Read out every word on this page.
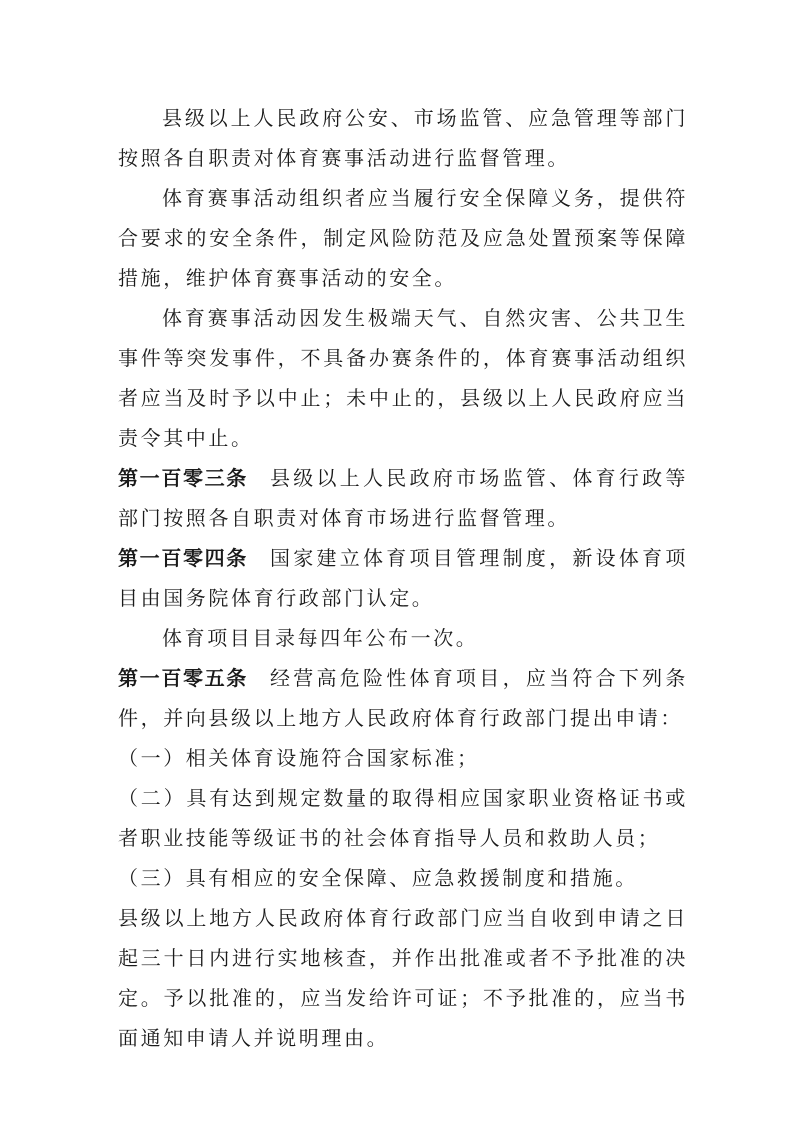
县级以上人民政府公安、市场监管、应急管理等部门按照各自职责对体育赛事活动进行监督管理。

体育赛事活动组织者应当履行安全保障义务，提供符合要求的安全条件，制定风险防范及应急处置预案等保障措施，维护体育赛事活动的安全。

体育赛事活动因发生极端天气、自然灾害、公共卫生事件等突发事件，不具备办赛条件的，体育赛事活动组织者应当及时予以中止；未中止的，县级以上人民政府应当责令其中止。

第一百零三条 县级以上人民政府市场监管、体育行政等部门按照各自职责对体育市场进行监督管理。

第一百零四条 国家建立体育项目管理制度，新设体育项目由国务院体育行政部门认定。

体育项目目录每四年公布一次。

第一百零五条 经营高危险性体育项目，应当符合下列条件，并向县级以上地方人民政府体育行政部门提出申请：

（一）相关体育设施符合国家标准；

（二）具有达到规定数量的取得相应国家职业资格证书或者职业技能等级证书的社会体育指导人员和救助人员；

（三）具有相应的安全保障、应急救援制度和措施。

县级以上地方人民政府体育行政部门应当自收到申请之日起三十日内进行实地核查，并作出批准或者不予批准的决定。予以批准的，应当发给许可证；不予批准的，应当书面通知申请人并说明理由。
